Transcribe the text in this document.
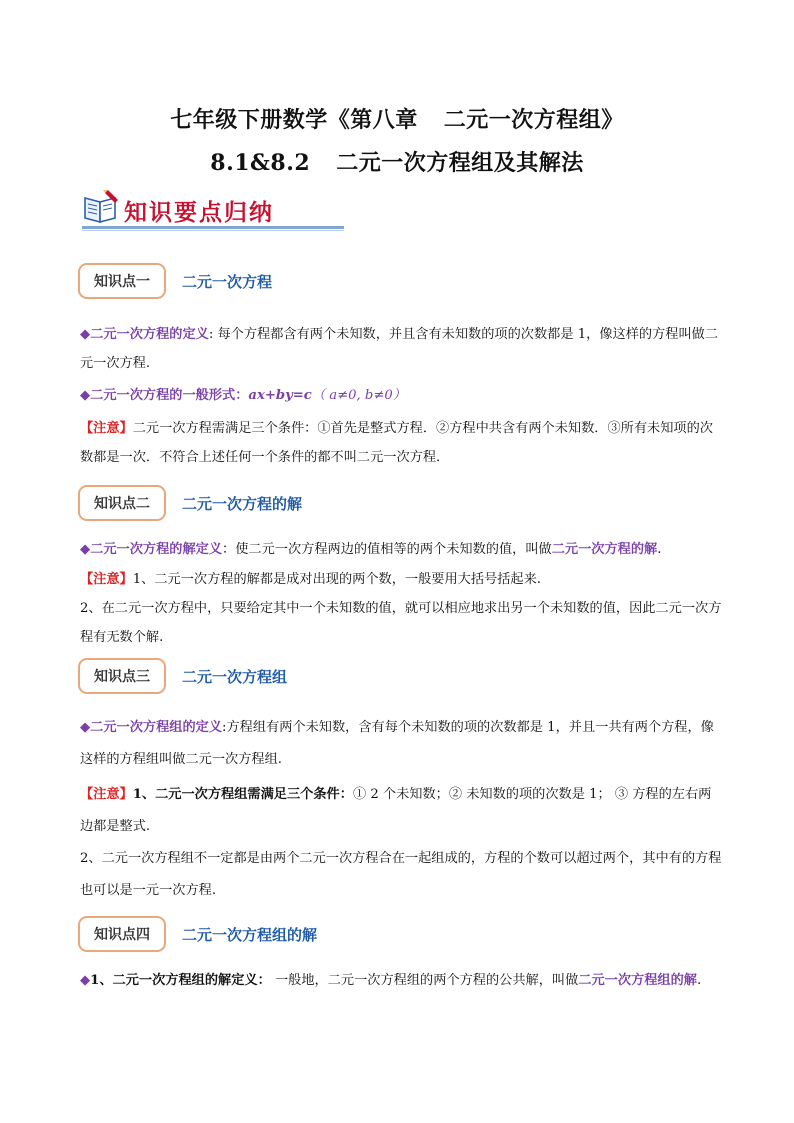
七年级下册数学《第八章 二元一次方程组》
8.1&8.2 二元一次方程组及其解法
知识要点归纳
知识点一	二元一次方程
◆二元一次方程的定义: 每个方程都含有两个未知数，并且含有未知数的项的次数都是 1，像这样的方程叫做二元一次方程.
◆二元一次方程的一般形式：ax+by=c（ a≠0, b≠0）
【注意】二元一次方程需满足三个条件：①首先是整式方程．②方程中共含有两个未知数．③所有未知项的次数都是一次．不符合上述任何一个条件的都不叫二元一次方程．
知识点二	二元一次方程的解
◆二元一次方程的解定义：使二元一次方程两边的值相等的两个未知数的值，叫做二元一次方程的解.
【注意】1、二元一次方程的解都是成对出现的两个数，一般要用大括号括起来.
2、在二元一次方程中，只要给定其中一个未知数的值，就可以相应地求出另一个未知数的值，因此二元一次方程有无数个解.
知识点三	二元一次方程组
◆二元一次方程组的定义:方程组有两个未知数，含有每个未知数的项的次数都是 1，并且一共有两个方程，像这样的方程组叫做二元一次方程组.
【注意】1、二元一次方程组需满足三个条件：① 2 个未知数；② 未知数的项的次数是 1； ③ 方程的左右两边都是整式.
2、二元一次方程组不一定都是由两个二元一次方程合在一起组成的，方程的个数可以超过两个，其中有的方程也可以是一元一次方程.
知识点四	二元一次方程组的解
◆1、二元一次方程组的解定义： 一般地，二元一次方程组的两个方程的公共解，叫做二元一次方程组的解.
